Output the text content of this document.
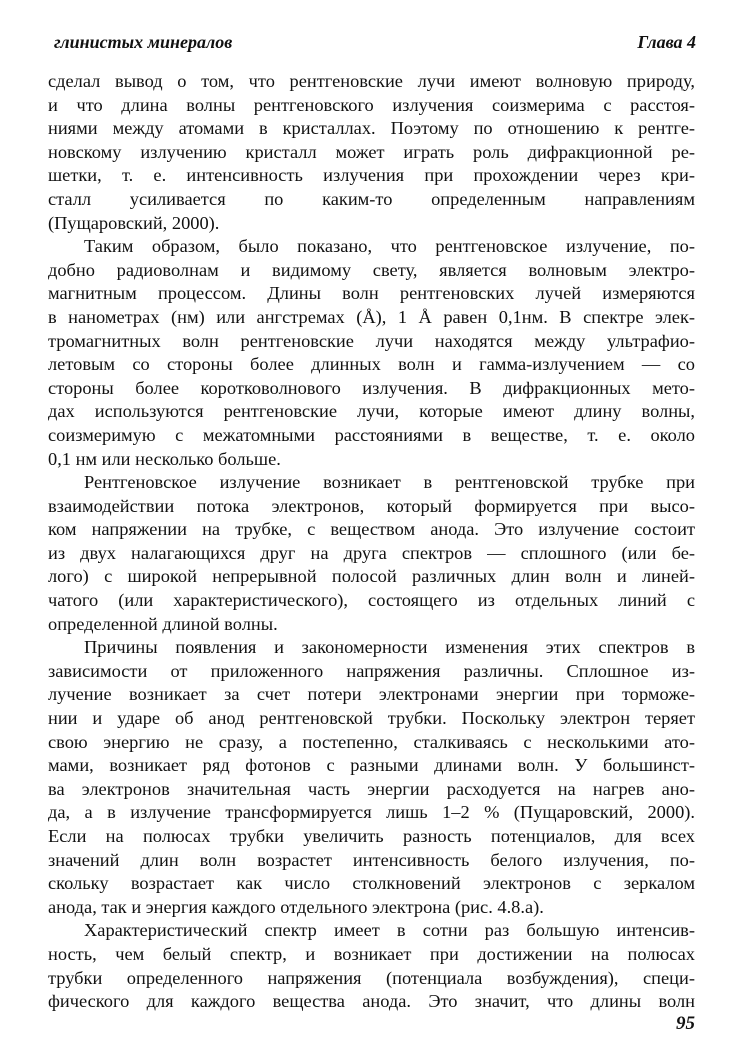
глинистых минералов	Глава 4
сделал вывод о том, что рентгеновские лучи имеют волновую природу,
и что длина волны рентгеновского излучения соизмерима с расстоя-
ниями между атомами в кристаллах. Поэтому по отношению к рентге-
новскому излучению кристалл может играть роль дифракционной ре-
шетки, т. е. интенсивность излучения при прохождении через кри-
сталл усиливается по каким-то определенным направлениям
(Пущаровский, 2000).
Таким образом, было показано, что рентгеновское излучение, по-
добно радиоволнам и видимому свету, является волновым электро-
магнитным процессом. Длины волн рентгеновских лучей измеряются
в нанометрах (нм) или ангстремах (Å), 1 Å равен 0,1нм. В спектре элек-
тромагнитных волн рентгеновские лучи находятся между ультрафио-
летовым со стороны более длинных волн и гамма-излучением — со
стороны более коротковолнового излучения. В дифракционных мето-
дах используются рентгеновские лучи, которые имеют длину волны,
соизмеримую с межатомными расстояниями в веществе, т. е. около
0,1 нм или несколько больше.
Рентгеновское излучение возникает в рентгеновской трубке при
взаимодействии потока электронов, который формируется при высо-
ком напряжении на трубке, с веществом анода. Это излучение состоит
из двух налагающихся друг на друга спектров — сплошного (или бе-
лого) с широкой непрерывной полосой различных длин волн и линей-
чатого (или характеристического), состоящего из отдельных линий с
определенной длиной волны.
Причины появления и закономерности изменения этих спектров в
зависимости от приложенного напряжения различны. Сплошное из-
лучение возникает за счет потери электронами энергии при торможе-
нии и ударе об анод рентгеновской трубки. Поскольку электрон теряет
свою энергию не сразу, а постепенно, сталкиваясь с несколькими ато-
мами, возникает ряд фотонов с разными длинами волн. У большинст-
ва электронов значительная часть энергии расходуется на нагрев ано-
да, а в излучение трансформируется лишь 1–2 % (Пущаровский, 2000).
Если на полюсах трубки увеличить разность потенциалов, для всех
значений длин волн возрастет интенсивность белого излучения, по-
скольку возрастает как число столкновений электронов с зеркалом
анода, так и энергия каждого отдельного электрона (рис. 4.8.а).
Характеристический спектр имеет в сотни раз большую интенсив-
ность, чем белый спектр, и возникает при достижении на полюсах
трубки определенного напряжения (потенциала возбуждения), специ-
фического для каждого вещества анода. Это значит, что длины волн
95
